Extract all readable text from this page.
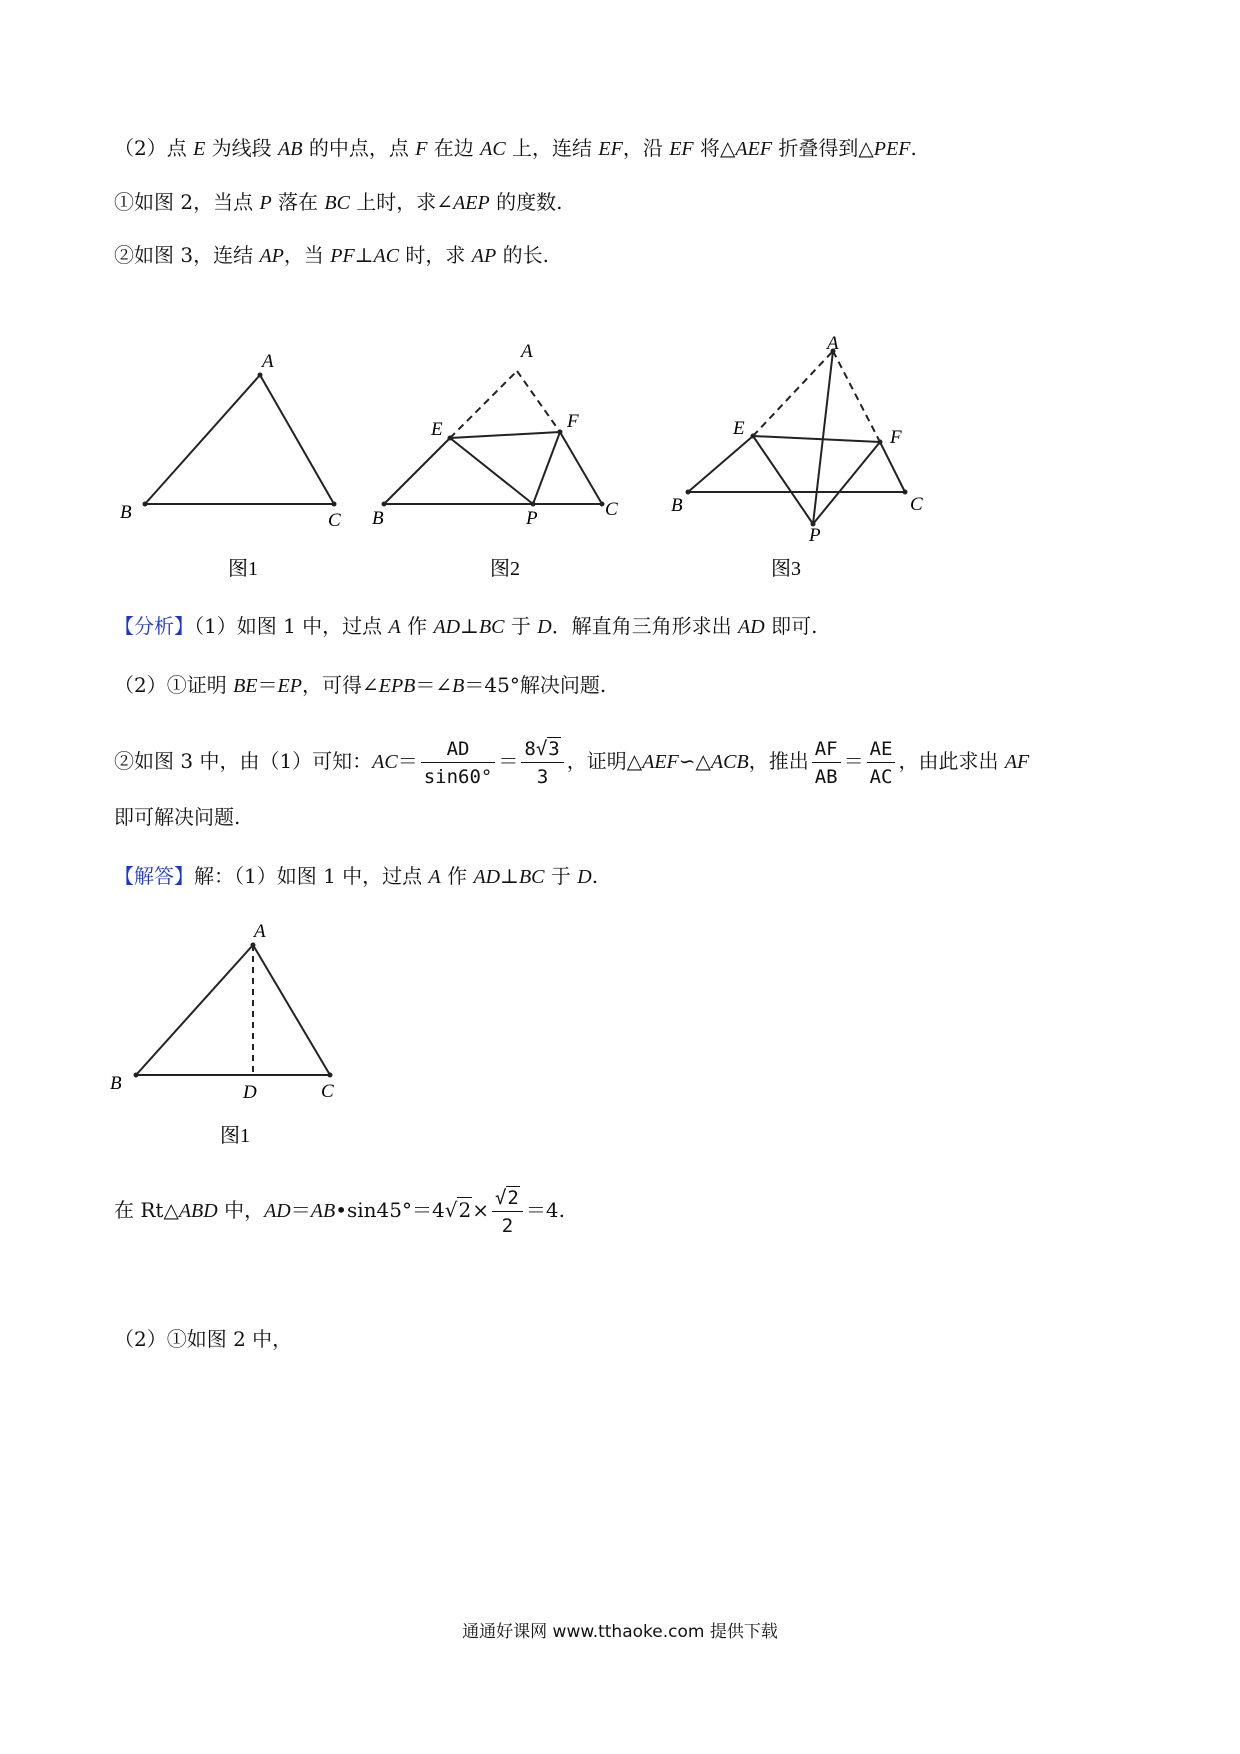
（2）点 E 为线段 AB 的中点，点 F 在边 AC 上，连结 EF，沿 EF 将△AEF 折叠得到△PEF.
①如图 2，当点 P 落在 BC 上时，求∠AEP 的度数.
②如图 3，连结 AP，当 PF⊥AC 时，求 AP 的长.
A
B	C
图1
A
E	F
B	P	C
图2
A
E	F
B
P
C
图3
【分析】（1）如图 1 中，过点 A 作 AD⊥BC 于 D．解直角三角形求出 AD 即可.
（2）①证明 BE＝EP，可得∠EPB＝∠B＝45°解决问题.
②如图 3 中，由（1）可知：$AC= \frac{AD}{\sin 60^\circ} = \frac{8√3}{3}$ ，证明△AEF∽△ACB，推出 $\frac{AF}{AB} = \frac{AE}{AC}$ ，由此求出 AF
即可解决问题.
【解答】解：（1）如图 1 中，过点 A 作 AD⊥BC 于 D.
A
B	D	C
图1
在 Rt△ABD 中，AD＝AB•sin45°＝4√2× $\frac{√2}{2} =4$.
（2）①如图 2 中，
通通好课网 www.tthaoke.com 提供下载
